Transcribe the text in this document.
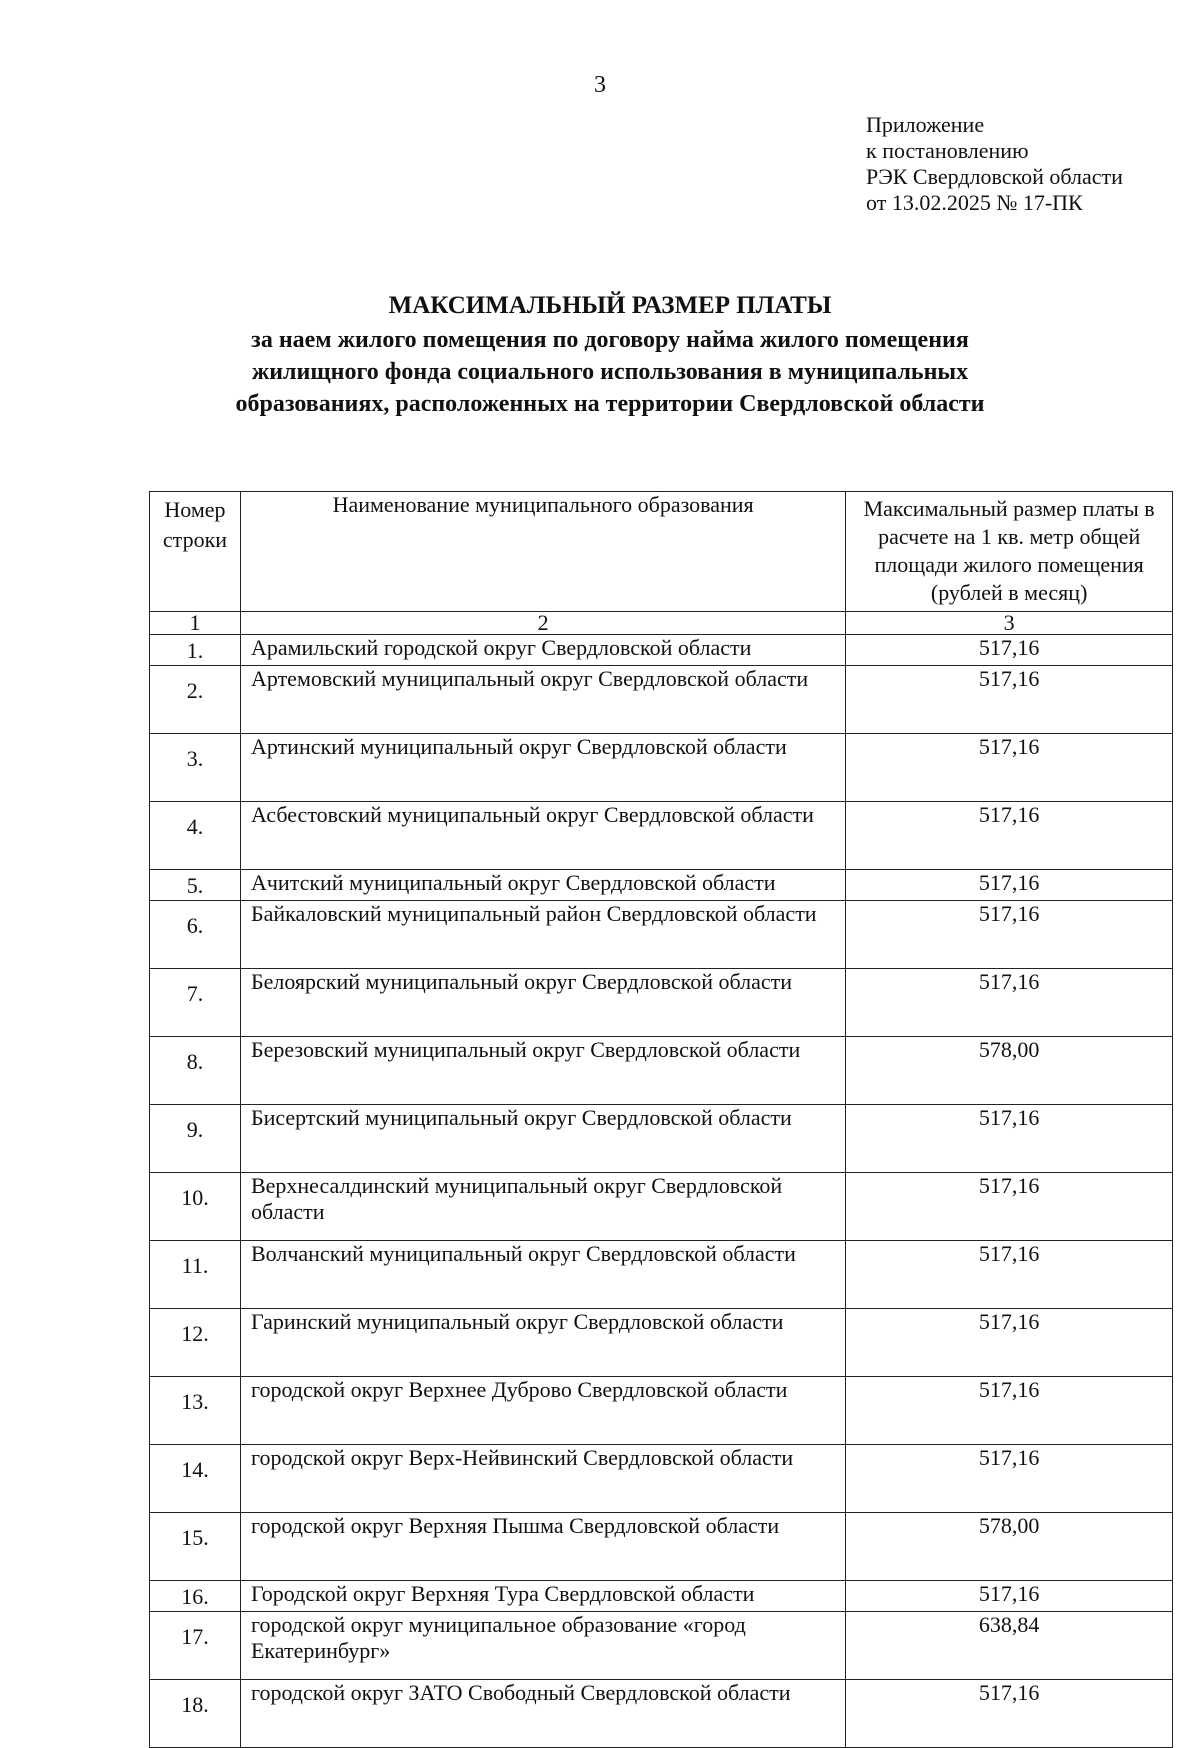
3
Приложение
к постановлению
РЭК Свердловской области
от 13.02.2025 № 17-ПК
МАКСИМАЛЬНЫЙ РАЗМЕР ПЛАТЫ
за наем жилого помещения по договору найма жилого помещения
жилищного фонда социального использования в муниципальных
образованиях, расположенных на территории Свердловской области
Номер строки	Наименование муниципального образования	Максимальный размер платы в расчете на 1 кв. метр общей площади жилого помещения (рублей в месяц)
1	2	3
1.	Арамильский городской округ Свердловской области	517,16
2.	Артемовский муниципальный округ Свердловской области	517,16
3.	Артинский муниципальный округ Свердловской области	517,16
4.	Асбестовский муниципальный округ Свердловской области	517,16
5.	Ачитский муниципальный округ Свердловской области	517,16
6.	Байкаловский муниципальный район Свердловской области	517,16
7.	Белоярский муниципальный округ Свердловской области	517,16
8.	Березовский муниципальный округ Свердловской области	578,00
9.	Бисертский муниципальный округ Свердловской области	517,16
10.	Верхнесалдинский муниципальный округ Свердловской области	517,16
11.	Волчанский муниципальный округ Свердловской области	517,16
12.	Гаринский муниципальный округ Свердловской области	517,16
13.	городской округ Верхнее Дуброво Свердловской области	517,16
14.	городской округ Верх-Нейвинский Свердловской области	517,16
15.	городской округ Верхняя Пышма Свердловской области	578,00
16.	Городской округ Верхняя Тура Свердловской области	517,16
17.	городской округ муниципальное образование «город Екатеринбург»	638,84
18.	городской округ ЗАТО Свободный Свердловской области	517,16
